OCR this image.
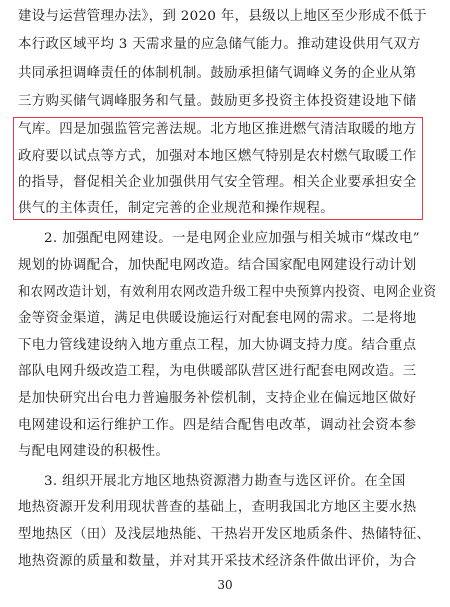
建设与运营管理办法》，到 2020 年，县级以上地区至少形成不低于
本行政区域平均 3 天需求量的应急储气能力。推动建设供用气双方
共同承担调峰责任的体制机制。鼓励承担储气调峰义务的企业从第
三方购买储气调峰服务和气量。鼓励更多投资主体投资建设地下储
气库。四是加强监管完善法规。北方地区推进燃气清洁取暖的地方
政府要以试点等方式，加强对本地区燃气特别是农村燃气取暖工作
的指导，督促相关企业加强供用气安全管理。相关企业要承担安全
供气的主体责任，制定完善的企业规范和操作规程。
2. 加强配电网建设。一是电网企业应加强与相关城市“煤改电”
规划的协调配合，加快配电网改造。结合国家配电网建设行动计划
和农网改造计划，有效利用农网改造升级工程中央预算内投资、电网企业资
金等资金渠道，满足电供暖设施运行对配套电网的需求。二是将地
下电力管线建设纳入地方重点工程，加大协调支持力度。结合重点
部队电网升级改造工程，为电供暖部队营区进行配套电网改造。三
是加快研究出台电力普遍服务补偿机制，支持企业在偏远地区做好
电网建设和运行维护工作。四是结合配售电改革，调动社会资本参
与配电网建设的积极性。
3. 组织开展北方地区地热资源潜力勘查与选区评价。在全国
地热资源开发利用现状普查的基础上，查明我国北方地区主要水热
型地热区（田）及浅层地热能、干热岩开发区地质条件、热储特征、
地热资源的质量和数量，并对其开采技术经济条件做出评价，为合
30
